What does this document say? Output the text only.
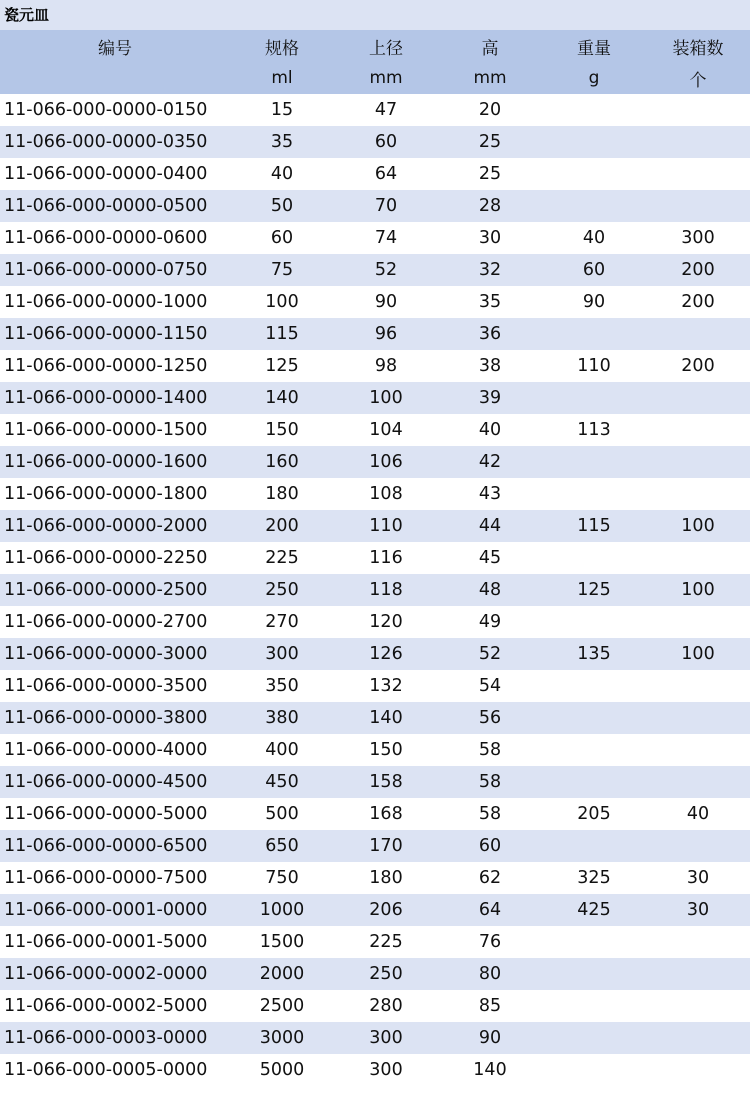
瓷元皿
编号	规格	上径	高	重量	装箱数
	ml	mm	mm	g	个
11-066-000-0000-0150	15	47	20		
11-066-000-0000-0350	35	60	25		
11-066-000-0000-0400	40	64	25		
11-066-000-0000-0500	50	70	28		
11-066-000-0000-0600	60	74	30	40	300
11-066-000-0000-0750	75	52	32	60	200
11-066-000-0000-1000	100	90	35	90	200
11-066-000-0000-1150	115	96	36		
11-066-000-0000-1250	125	98	38	110	200
11-066-000-0000-1400	140	100	39		
11-066-000-0000-1500	150	104	40	113	
11-066-000-0000-1600	160	106	42		
11-066-000-0000-1800	180	108	43		
11-066-000-0000-2000	200	110	44	115	100
11-066-000-0000-2250	225	116	45		
11-066-000-0000-2500	250	118	48	125	100
11-066-000-0000-2700	270	120	49		
11-066-000-0000-3000	300	126	52	135	100
11-066-000-0000-3500	350	132	54		
11-066-000-0000-3800	380	140	56		
11-066-000-0000-4000	400	150	58		
11-066-000-0000-4500	450	158	58		
11-066-000-0000-5000	500	168	58	205	40
11-066-000-0000-6500	650	170	60		
11-066-000-0000-7500	750	180	62	325	30
11-066-000-0001-0000	1000	206	64	425	30
11-066-000-0001-5000	1500	225	76		
11-066-000-0002-0000	2000	250	80		
11-066-000-0002-5000	2500	280	85		
11-066-000-0003-0000	3000	300	90		
11-066-000-0005-0000	5000	300	140		
